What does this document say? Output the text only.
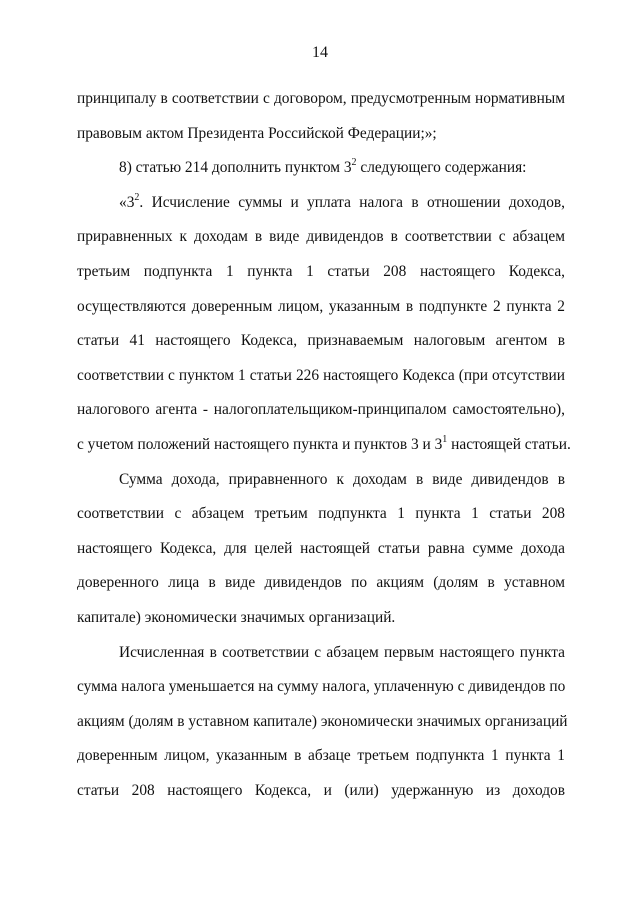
14
принципалу в соответствии с договором, предусмотренным нормативным
правовым актом Президента Российской Федерации;»;
8) статью 214 дополнить пунктом $3^2$ следующего содержания:
«$3^2$. Исчисление суммы и уплата налога в отношении доходов,
приравненных к доходам в виде дивидендов в соответствии с абзацем
третьим подпункта 1 пункта 1 статьи 208 настоящего Кодекса,
осуществляются доверенным лицом, указанным в подпункте 2 пункта 2
статьи 41 настоящего Кодекса, признаваемым налоговым агентом в
соответствии с пунктом 1 статьи 226 настоящего Кодекса (при отсутствии
налогового агента - налогоплательщиком-принципалом самостоятельно),
с учетом положений настоящего пункта и пунктов 3 и $3^1$ настоящей статьи.
Сумма дохода, приравненного к доходам в виде дивидендов в
соответствии с абзацем третьим подпункта 1 пункта 1 статьи 208
настоящего Кодекса, для целей настоящей статьи равна сумме дохода
доверенного лица в виде дивидендов по акциям (долям в уставном
капитале) экономически значимых организаций.
Исчисленная в соответствии с абзацем первым настоящего пункта
сумма налога уменьшается на сумму налога, уплаченную с дивидендов по
акциям (долям в уставном капитале) экономически значимых организаций
доверенным лицом, указанным в абзаце третьем подпункта 1 пункта 1
статьи 208 настоящего Кодекса, и (или) удержанную из доходов
